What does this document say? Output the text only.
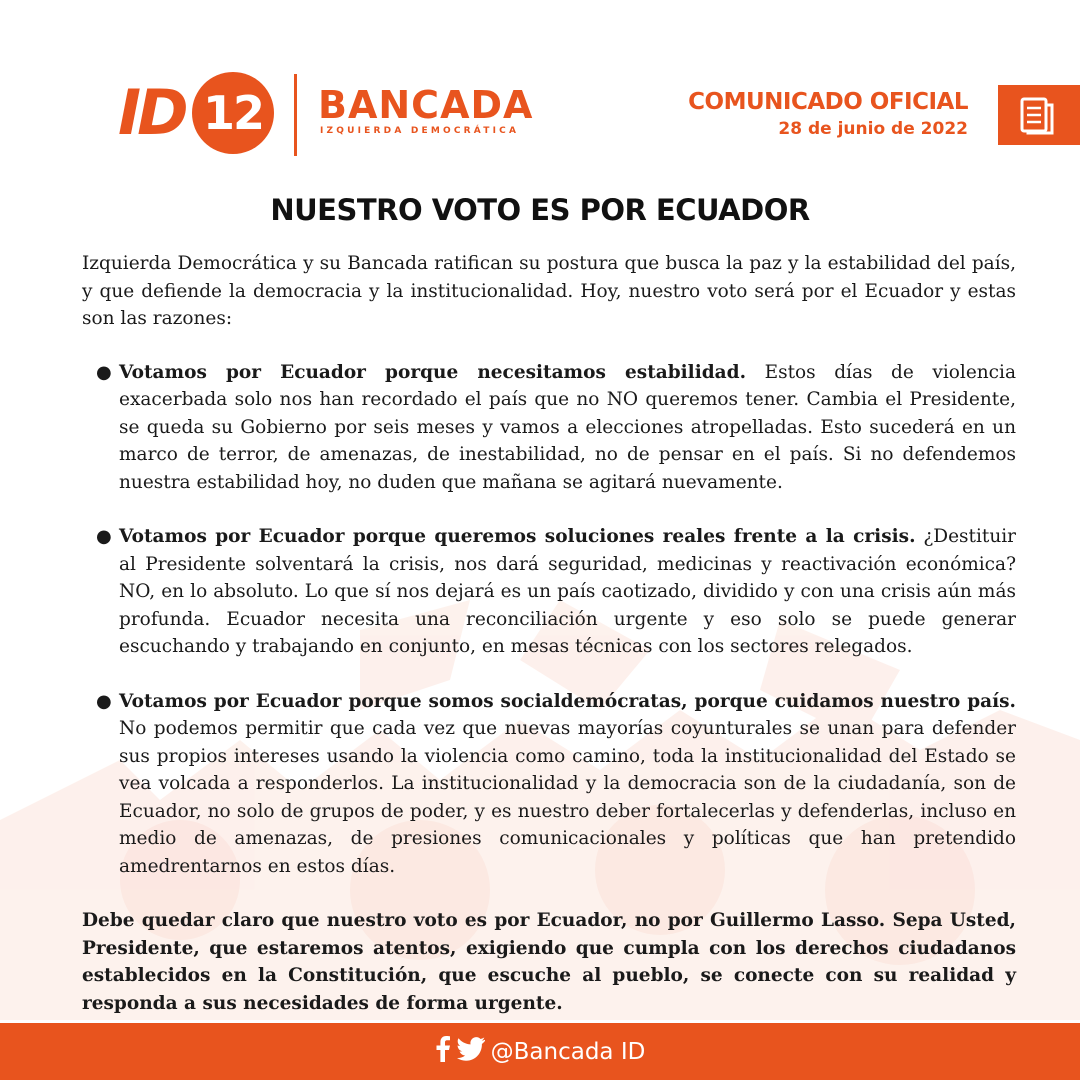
ID 12 BANCADA
IZQUIERDA DEMOCRÁTICA
COMUNICADO OFICIAL
28 de junio de 2022
NUESTRO VOTO ES POR ECUADOR

Izquierda Democrática y su Bancada ratifican su postura que busca la paz y la estabilidad del país, y que defiende la democracia y la institucionalidad. Hoy, nuestro voto será por el Ecuador y estas son las razones:

● Votamos por Ecuador porque necesitamos estabilidad. Estos días de violencia exacerbada solo nos han recordado el país que no NO queremos tener. Cambia el Presidente, se queda su Gobierno por seis meses y vamos a elecciones atropelladas. Esto sucederá en un marco de terror, de amenazas, de inestabilidad, no de pensar en el país. Si no defendemos nuestra estabilidad hoy, no duden que mañana se agitará nuevamente.
● Votamos por Ecuador porque queremos soluciones reales frente a la crisis. ¿Destituir al Presidente solventará la crisis, nos dará seguridad, medicinas y reactivación económica? NO, en lo absoluto. Lo que sí nos dejará es un país caotizado, dividido y con una crisis aún más profunda. Ecuador necesita una reconciliación urgente y eso solo se puede generar escuchando y trabajando en conjunto, en mesas técnicas con los sectores relegados.
● Votamos por Ecuador porque somos socialdemócratas, porque cuidamos nuestro país. No podemos permitir que cada vez que nuevas mayorías coyunturales se unan para defender sus propios intereses usando la violencia como camino, toda la institucionalidad del Estado se vea volcada a responderlos. La institucionalidad y la democracia son de la ciudadanía, son de Ecuador, no solo de grupos de poder, y es nuestro deber fortalecerlas y defenderlas, incluso en medio de amenazas, de presiones comunicacionales y políticas que han pretendido amedrentarnos en estos días.

Debe quedar claro que nuestro voto es por Ecuador, no por Guillermo Lasso. Sepa Usted, Presidente, que estaremos atentos, exigiendo que cumpla con los derechos ciudadanos establecidos en la Constitución, que escuche al pueblo, se conecte con su realidad y responda a sus necesidades de forma urgente.

@Bancada ID
